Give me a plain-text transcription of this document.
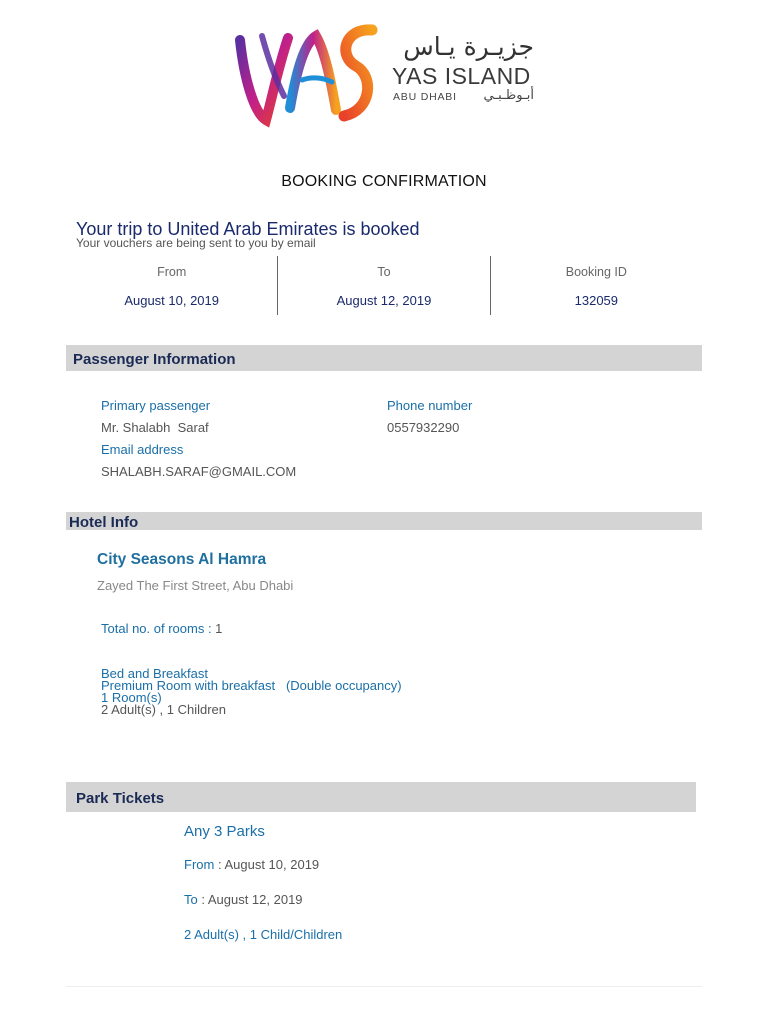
جزيـرة يـاس
YAS ISLAND
ABU DHABI	أبـوظـبـي
BOOKING CONFIRMATION
Your trip to United Arab Emirates is booked
Your vouchers are being sent to you by email
From
August 10, 2019
To
August 12, 2019
Booking ID
132059
Passenger Information
Primary passenger
Mr. Shalabh  Saraf
Phone number
0557932290
Email address
SHALABH.SARAF@GMAIL.COM
Hotel Info
City Seasons Al Hamra
Zayed The First Street, Abu Dhabi
Total no. of rooms : 1
Bed and Breakfast
Premium Room with breakfast   (Double occupancy)
1 Room(s)
2 Adult(s) , 1 Children
Park Tickets
Any 3 Parks
From : August 10, 2019
To : August 12, 2019
2 Adult(s) , 1 Child/Children
